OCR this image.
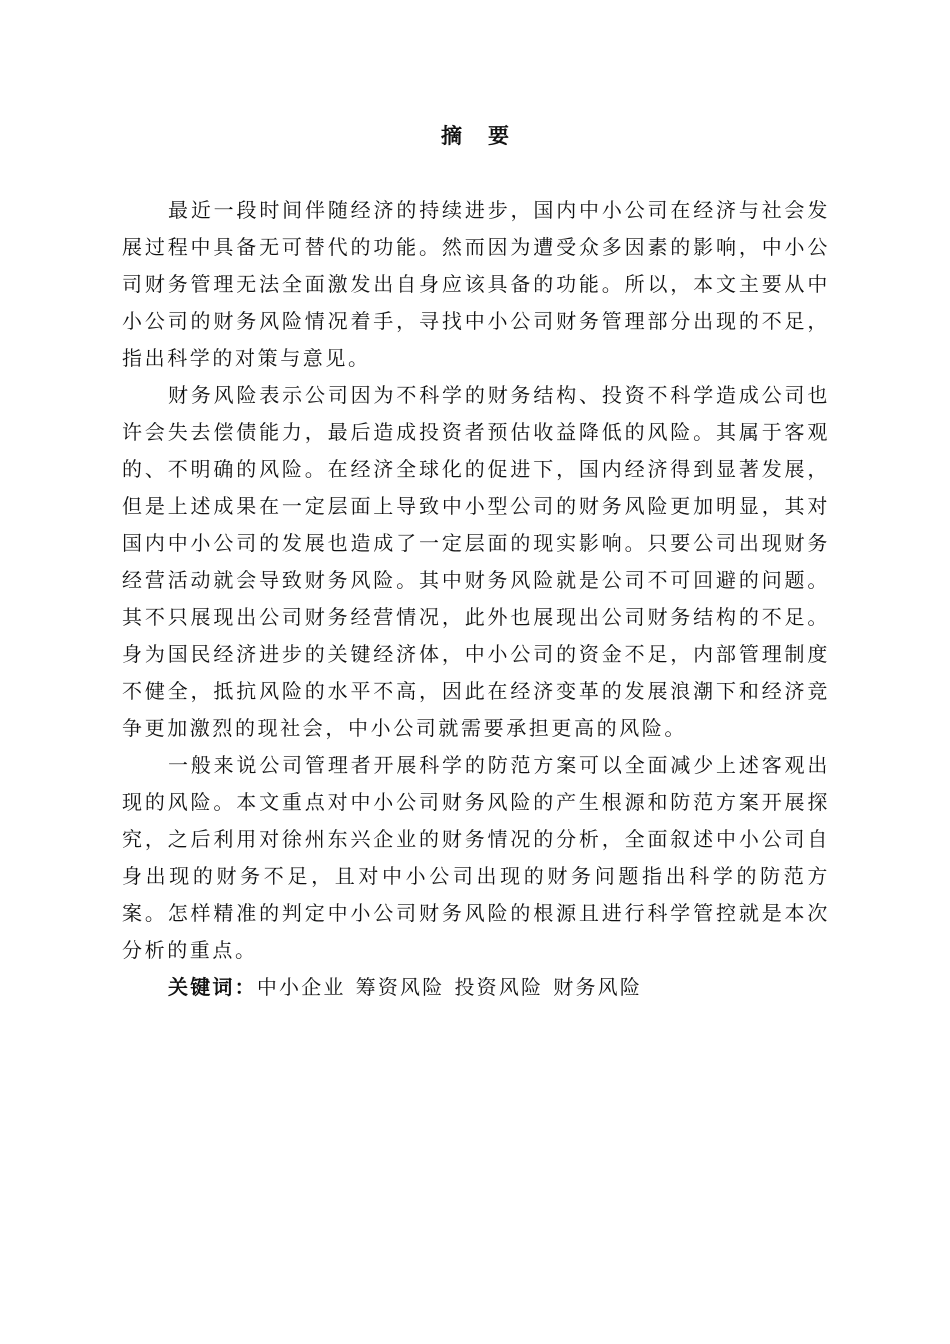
摘要

最近一段时间伴随经济的持续进步，国内中小公司在经济与社会发展过程中具备无可替代的功能。然而因为遭受众多因素的影响，中小公司财务管理无法全面激发出自身应该具备的功能。所以，本文主要从中小公司的财务风险情况着手，寻找中小公司财务管理部分出现的不足，指出科学的对策与意见。

财务风险表示公司因为不科学的财务结构、投资不科学造成公司也许会失去偿债能力，最后造成投资者预估收益降低的风险。其属于客观的、不明确的风险。在经济全球化的促进下，国内经济得到显著发展，但是上述成果在一定层面上导致中小型公司的财务风险更加明显，其对国内中小公司的发展也造成了一定层面的现实影响。只要公司出现财务经营活动就会导致财务风险。其中财务风险就是公司不可回避的问题。其不只展现出公司财务经营情况，此外也展现出公司财务结构的不足。身为国民经济进步的关键经济体，中小公司的资金不足，内部管理制度不健全，抵抗风险的水平不高，因此在经济变革的发展浪潮下和经济竞争更加激烈的现社会，中小公司就需要承担更高的风险。

一般来说公司管理者开展科学的防范方案可以全面减少上述客观出现的风险。本文重点对中小公司财务风险的产生根源和防范方案开展探究，之后利用对徐州东兴企业的财务情况的分析，全面叙述中小公司自身出现的财务不足，且对中小公司出现的财务问题指出科学的防范方案。怎样精准的判定中小公司财务风险的根源且进行科学管控就是本次分析的重点。

关键词：中小企业 筹资风险 投资风险 财务风险
